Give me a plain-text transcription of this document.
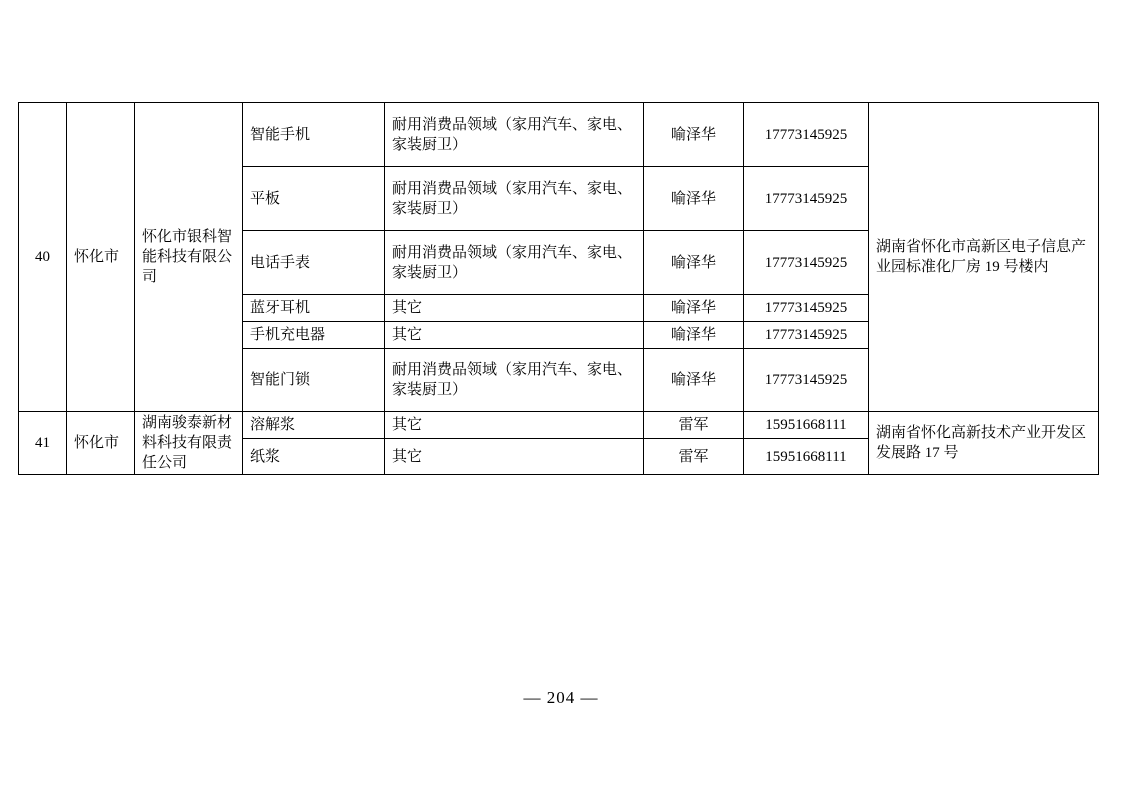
40	怀化市	怀化市银科智能科技有限公司	智能手机	耐用消费品领域（家用汽车、家电、家装厨卫）	喻泽华	17773145925	湖南省怀化市高新区电子信息产业园标准化厂房 19 号楼内
			平板	耐用消费品领域（家用汽车、家电、家装厨卫）	喻泽华	17773145925	
			电话手表	耐用消费品领域（家用汽车、家电、家装厨卫）	喻泽华	17773145925	
			蓝牙耳机	其它	喻泽华	17773145925	
			手机充电器	其它	喻泽华	17773145925	
			智能门锁	耐用消费品领域（家用汽车、家电、家装厨卫）	喻泽华	17773145925	
41	怀化市	湖南骏泰新材料科技有限责任公司	溶解浆	其它	雷军	15951668111	湖南省怀化高新技术产业开发区发展路 17 号
			纸浆	其它	雷军	15951668111	
— 204 —
